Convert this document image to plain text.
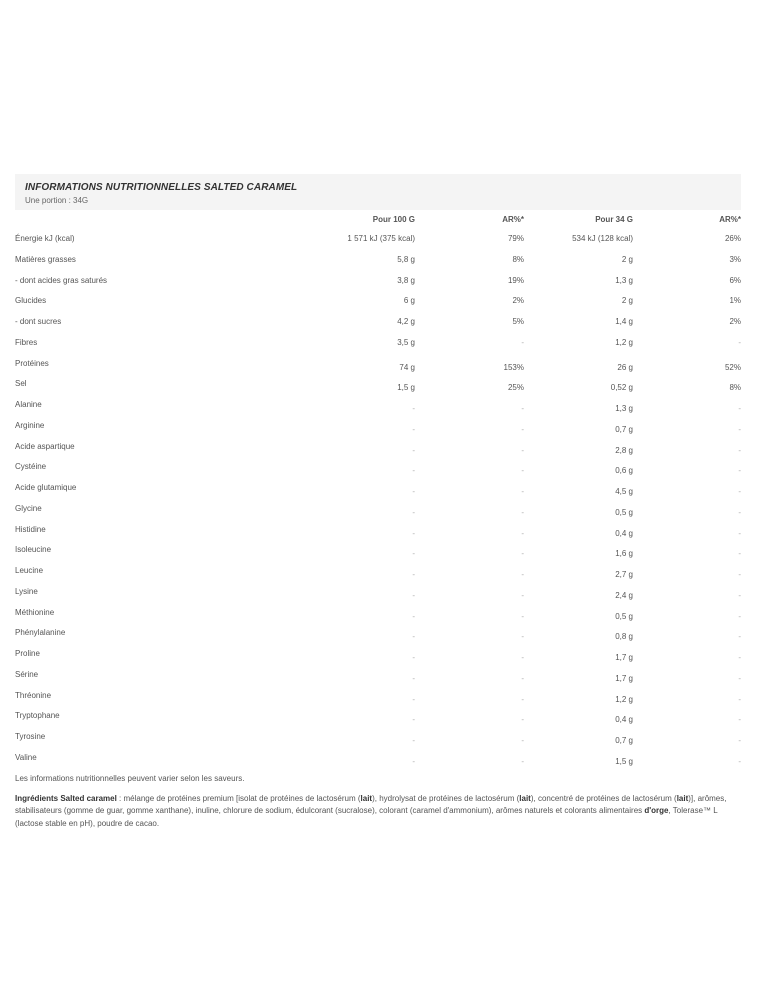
INFORMATIONS NUTRITIONNELLES SALTED CARAMEL
Une portion : 34G
Pour 100 G	AR%*	Pour 34 G	AR%*
Énergie kJ (kcal)	1 571 kJ (375 kcal)	79%	534 kJ (128 kcal)	26%
Matières grasses	5,8 g	8%	2 g	3%
- dont acides gras saturés	3,8 g	19%	1,3 g	6%
Glucides	6 g	2%	2 g	1%
- dont sucres	4,2 g	5%	1,4 g	2%
Fibres	3,5 g	-	1,2 g	-
Protéines	74 g	153%	26 g	52%
Sel	1,5 g	25%	0,52 g	8%
Alanine	-	-	1,3 g	-
Arginine	-	-	0,7 g	-
Acide aspartique	-	-	2,8 g	-
Cystéine	-	-	0,6 g	-
Acide glutamique	-	-	4,5 g	-
Glycine	-	-	0,5 g	-
Histidine	-	-	0,4 g	-
Isoleucine	-	-	1,6 g	-
Leucine	-	-	2,7 g	-
Lysine	-	-	2,4 g	-
Méthionine	-	-	0,5 g	-
Phénylalanine	-	-	0,8 g	-
Proline	-	-	1,7 g	-
Sérine	-	-	1,7 g	-
Thréonine	-	-	1,2 g	-
Tryptophane	-	-	0,4 g	-
Tyrosine	-	-	0,7 g	-
Valine	-	-	1,5 g	-
Les informations nutritionnelles peuvent varier selon les saveurs.
Ingrédients Salted caramel : mélange de protéines premium [isolat de protéines de lactosérum (lait), hydrolysat de protéines de lactosérum (lait), concentré de protéines de lactosérum (lait)], arômes, stabilisateurs (gomme de guar, gomme xanthane), inuline, chlorure de sodium, édulcorant (sucralose), colorant (caramel d'ammonium), arômes naturels et colorants alimentaires d'orge, Tolerase™ L (lactose stable en pH), poudre de cacao.
